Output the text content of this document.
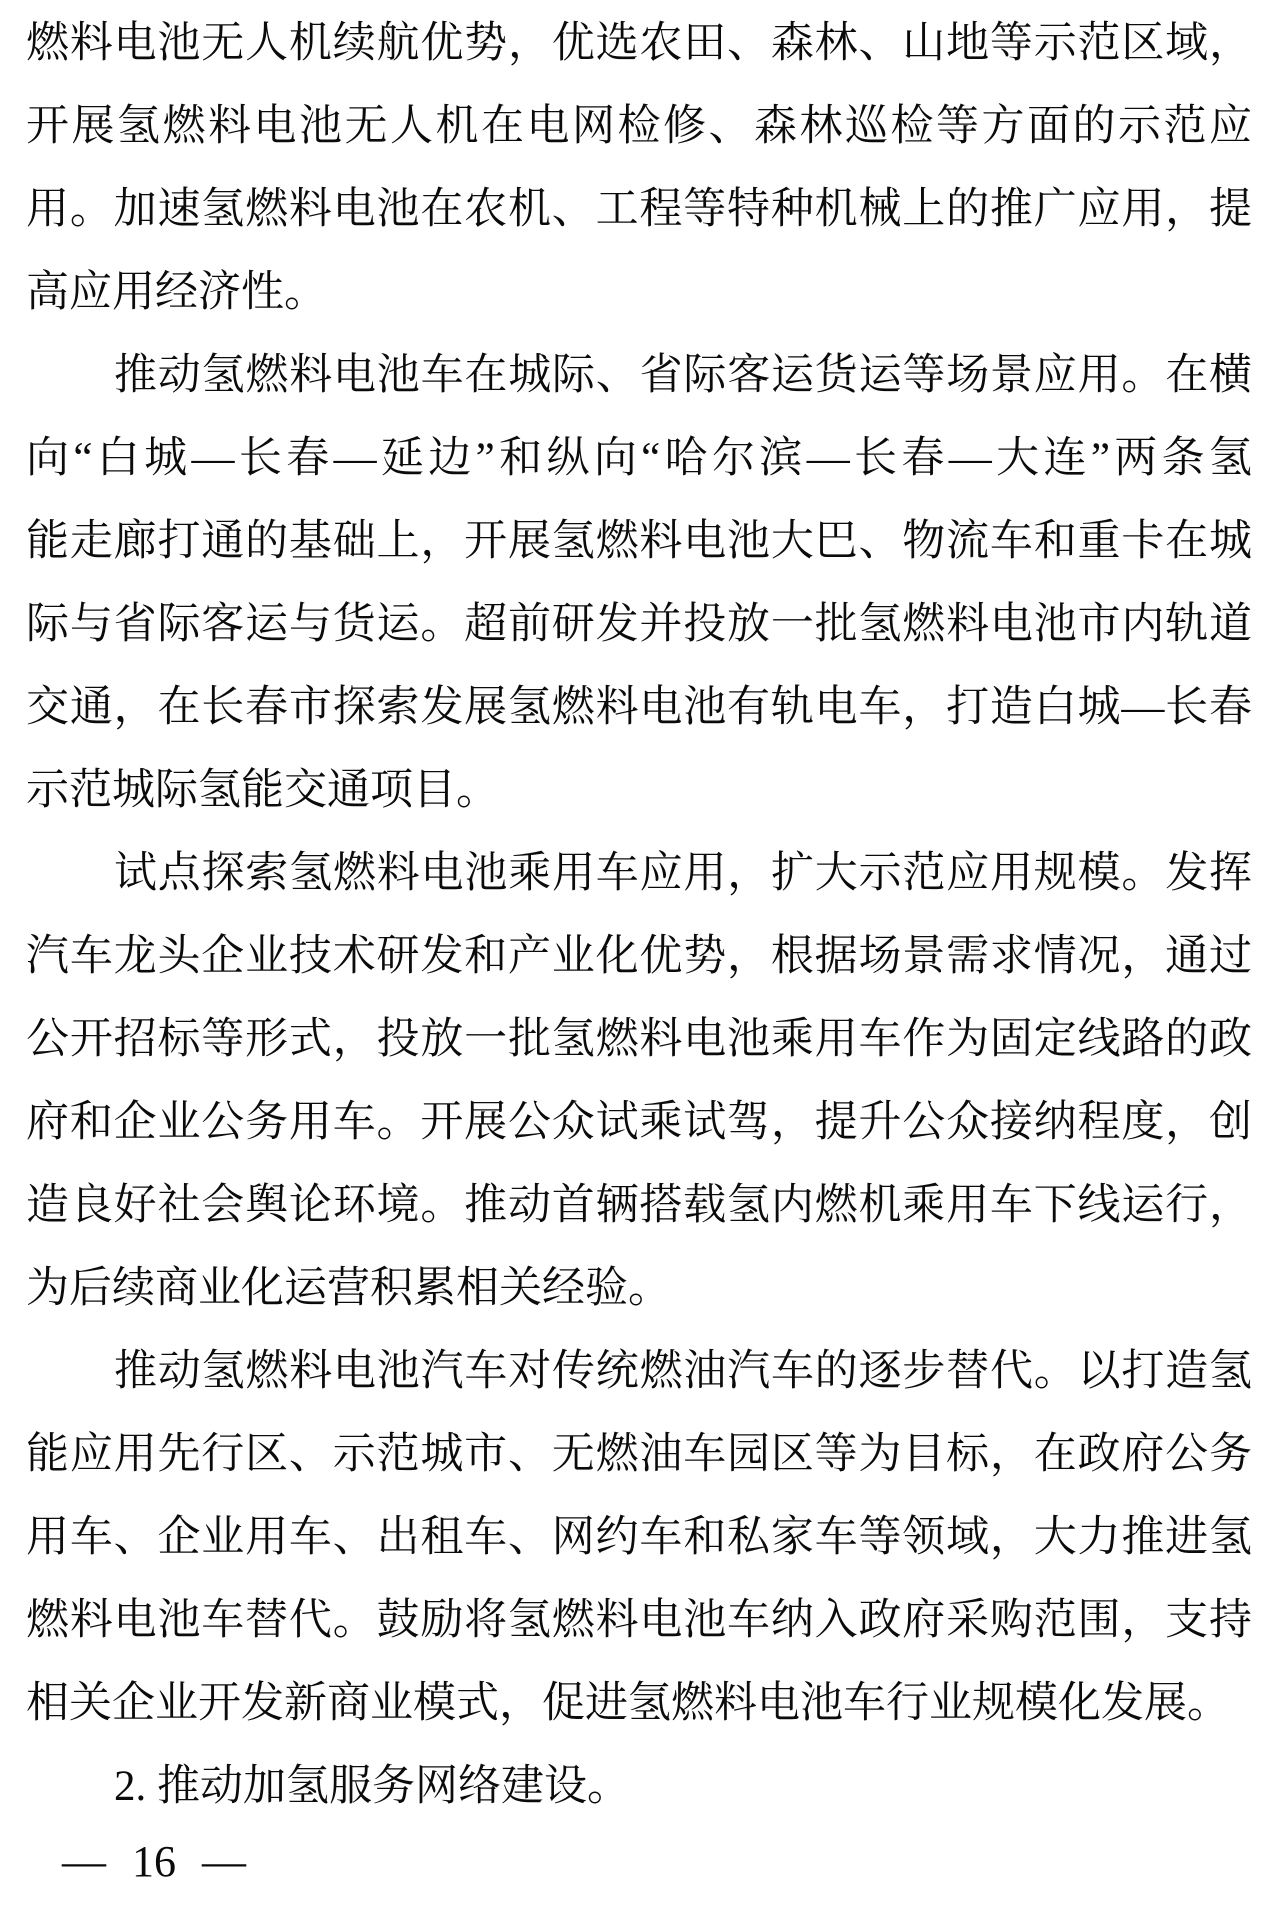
燃料电池无人机续航优势，优选农田、森林、山地等示范区域，
开展氢燃料电池无人机在电网检修、森林巡检等方面的示范应
用。加速氢燃料电池在农机、工程等特种机械上的推广应用，提
高应用经济性。
推动氢燃料电池车在城际、省际客运货运等场景应用。在横
向“白城—长春—延边”和纵向“哈尔滨—长春—大连”两条氢
能走廊打通的基础上，开展氢燃料电池大巴、物流车和重卡在城
际与省际客运与货运。超前研发并投放一批氢燃料电池市内轨道
交通，在长春市探索发展氢燃料电池有轨电车，打造白城—长春
示范城际氢能交通项目。
试点探索氢燃料电池乘用车应用，扩大示范应用规模。发挥
汽车龙头企业技术研发和产业化优势，根据场景需求情况，通过
公开招标等形式，投放一批氢燃料电池乘用车作为固定线路的政
府和企业公务用车。开展公众试乘试驾，提升公众接纳程度，创
造良好社会舆论环境。推动首辆搭载氢内燃机乘用车下线运行，
为后续商业化运营积累相关经验。
推动氢燃料电池汽车对传统燃油汽车的逐步替代。以打造氢
能应用先行区、示范城市、无燃油车园区等为目标，在政府公务
用车、企业用车、出租车、网约车和私家车等领域，大力推进氢
燃料电池车替代。鼓励将氢燃料电池车纳入政府采购范围，支持
相关企业开发新商业模式，促进氢燃料电池车行业规模化发展。
2. 推动加氢服务网络建设。
— 16 —
